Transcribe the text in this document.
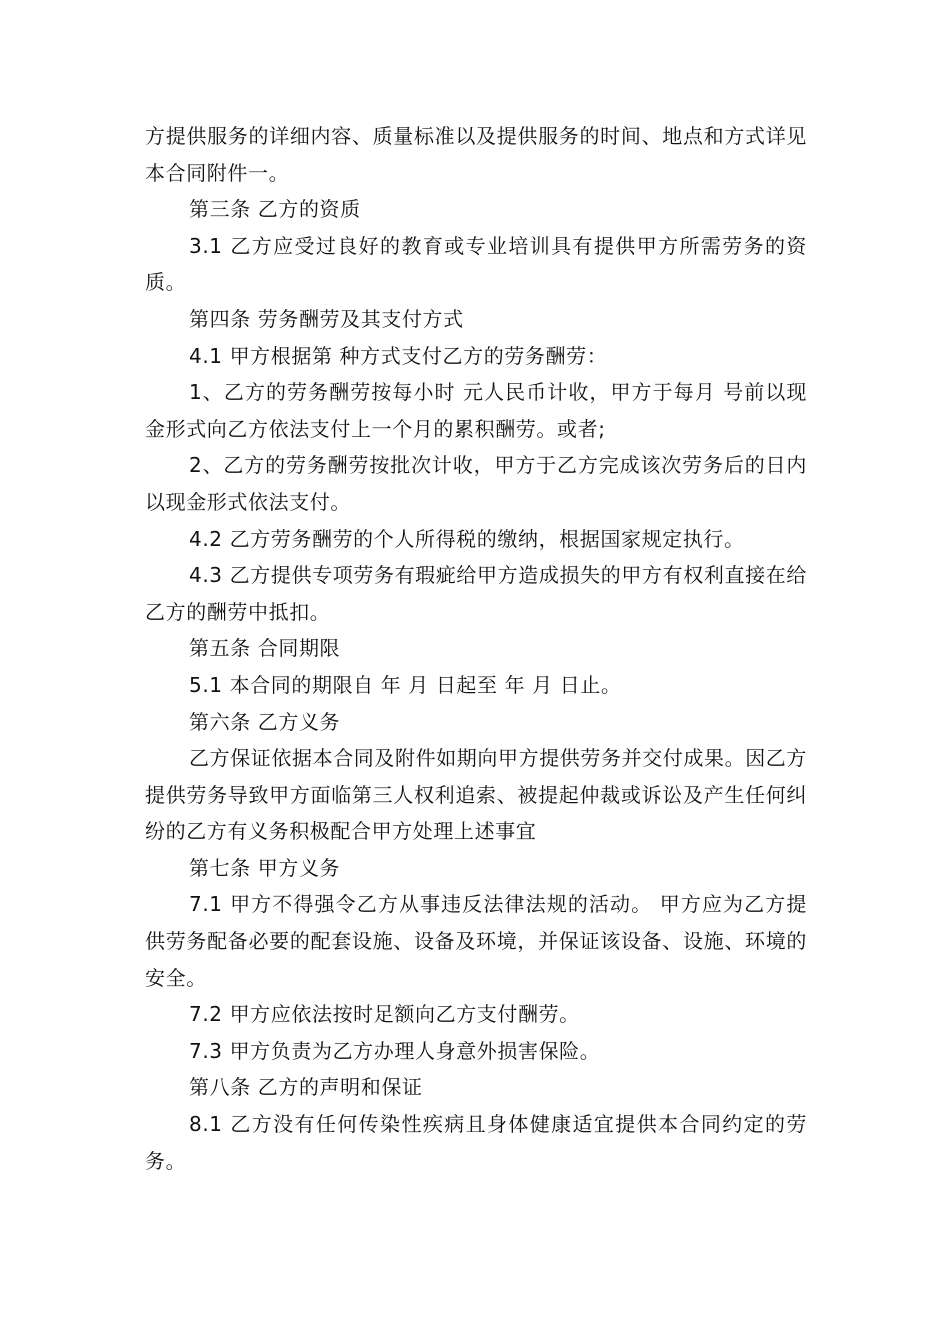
方提供服务的详细内容、质量标准以及提供服务的时间、地点和方式详见本合同附件一。

第三条 乙方的资质

3.1 乙方应受过良好的教育或专业培训具有提供甲方所需劳务的资质。

第四条 劳务酬劳及其支付方式

4.1 甲方根据第 种方式支付乙方的劳务酬劳：

1、乙方的劳务酬劳按每小时 元人民币计收，甲方于每月 号前以现金形式向乙方依法支付上一个月的累积酬劳。或者;

2、乙方的劳务酬劳按批次计收，甲方于乙方完成该次劳务后的日内以现金形式依法支付。

4.2 乙方劳务酬劳的个人所得税的缴纳，根据国家规定执行。

4.3 乙方提供专项劳务有瑕疵给甲方造成损失的甲方有权利直接在给乙方的酬劳中抵扣。

第五条 合同期限

5.1 本合同的期限自 年 月 日起至 年 月 日止。

第六条 乙方义务

乙方保证依据本合同及附件如期向甲方提供劳务并交付成果。因乙方提供劳务导致甲方面临第三人权利追索、被提起仲裁或诉讼及产生任何纠纷的乙方有义务积极配合甲方处理上述事宜

第七条 甲方义务

7.1 甲方不得强令乙方从事违反法律法规的活动。 甲方应为乙方提供劳务配备必要的配套设施、设备及环境，并保证该设备、设施、环境的安全。

7.2 甲方应依法按时足额向乙方支付酬劳。

7.3 甲方负责为乙方办理人身意外损害保险。

第八条 乙方的声明和保证

8.1 乙方没有任何传染性疾病且身体健康适宜提供本合同约定的劳务。
